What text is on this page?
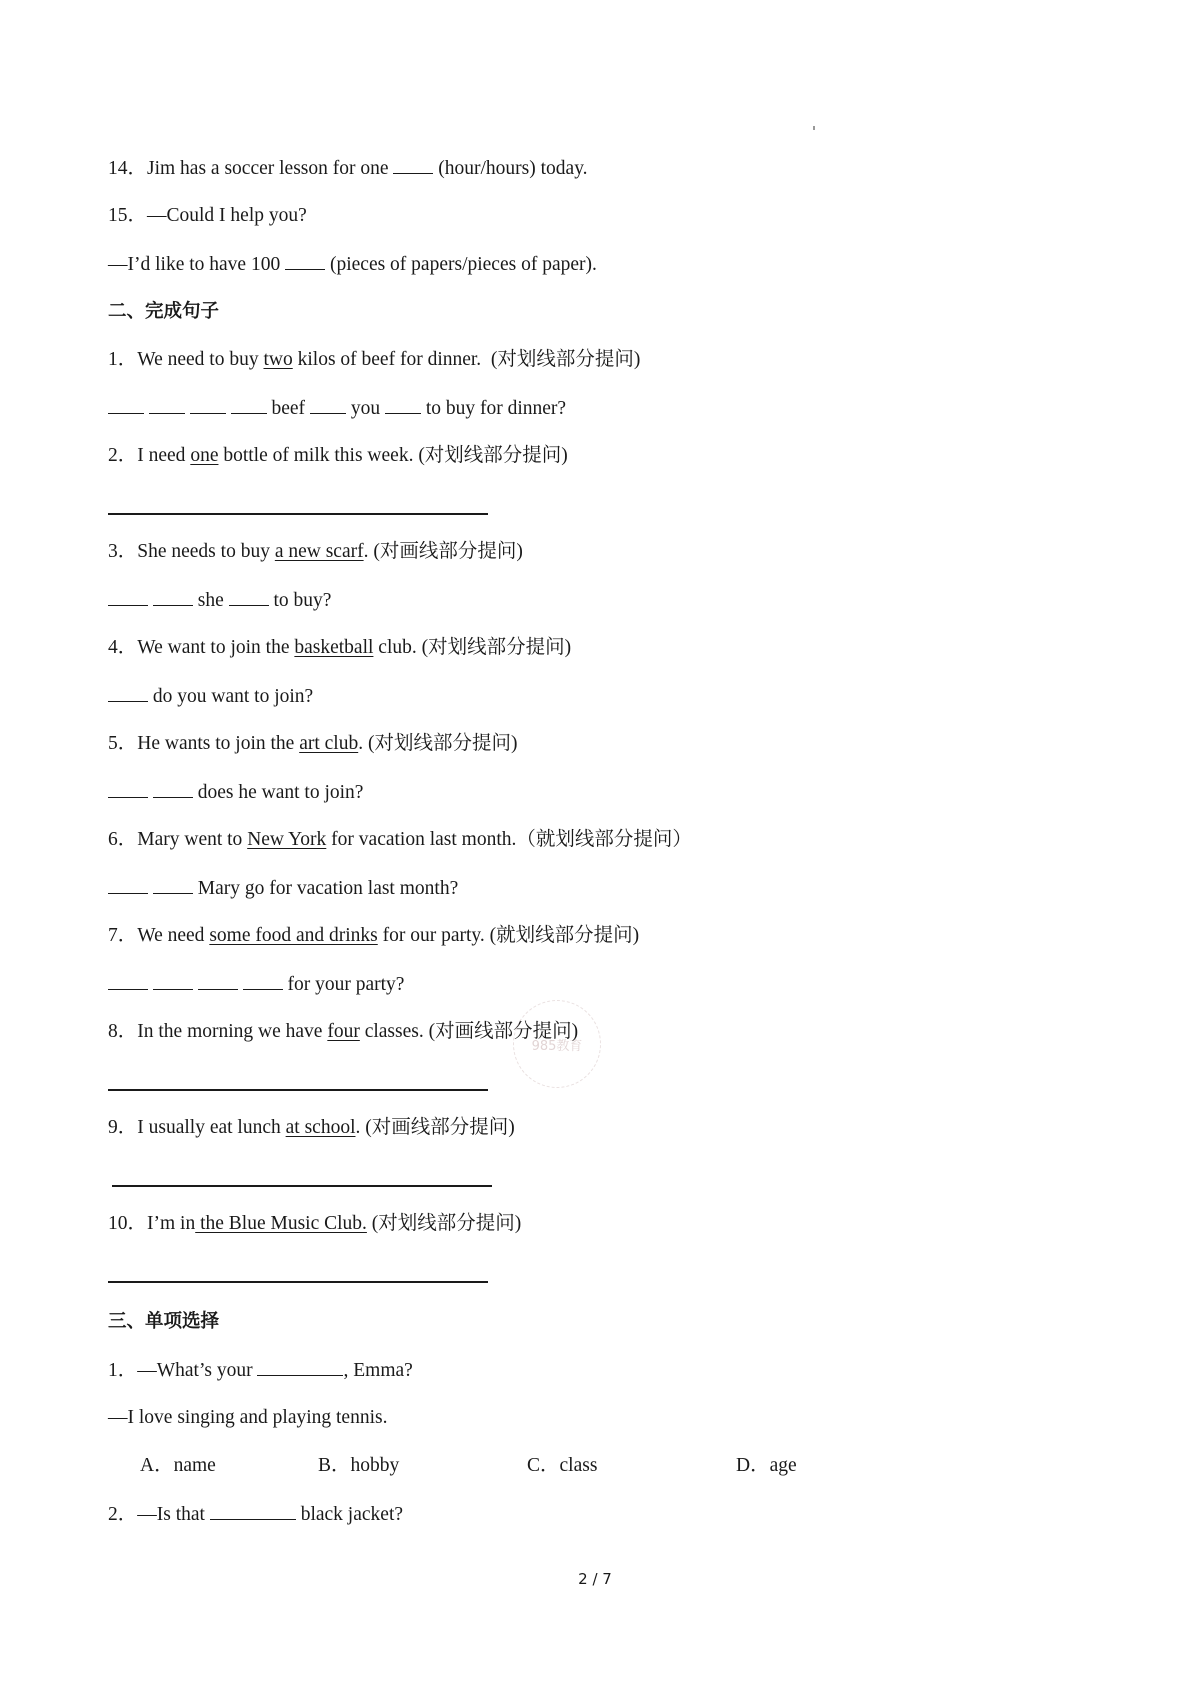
14．Jim has a soccer lesson for one  (hour/hours) today.
15．—Could I help you?
—I’d like to have 100  (pieces of papers/pieces of paper).
二、完成句子
1．We need to buy two kilos of beef for dinner.  (对划线部分提问)
beef  you  to buy for dinner?
2．I need one bottle of milk this week. (对划线部分提问)
3．She needs to buy a new scarf. (对画线部分提问)
she  to buy?
4．We want to join the basketball club. (对划线部分提问)
do you want to join?
5．He wants to join the art club. (对划线部分提问)
does he want to join?
6．Mary went to New York for vacation last month.（就划线部分提问）
Mary go for vacation last month?
7．We need some food and drinks for our party. (就划线部分提问)
for your party?
8．In the morning we have four classes. (对画线部分提问)
985教育
9．I usually eat lunch at school. (对画线部分提问)
10．I’m in the Blue Music Club. (对划线部分提问)
三、单项选择
1．—What’s your	, Emma?
—I love singing and playing tennis.
A．name	B．hobby	C．class	D．age
2．—Is that	black jacket?
2 / 7
